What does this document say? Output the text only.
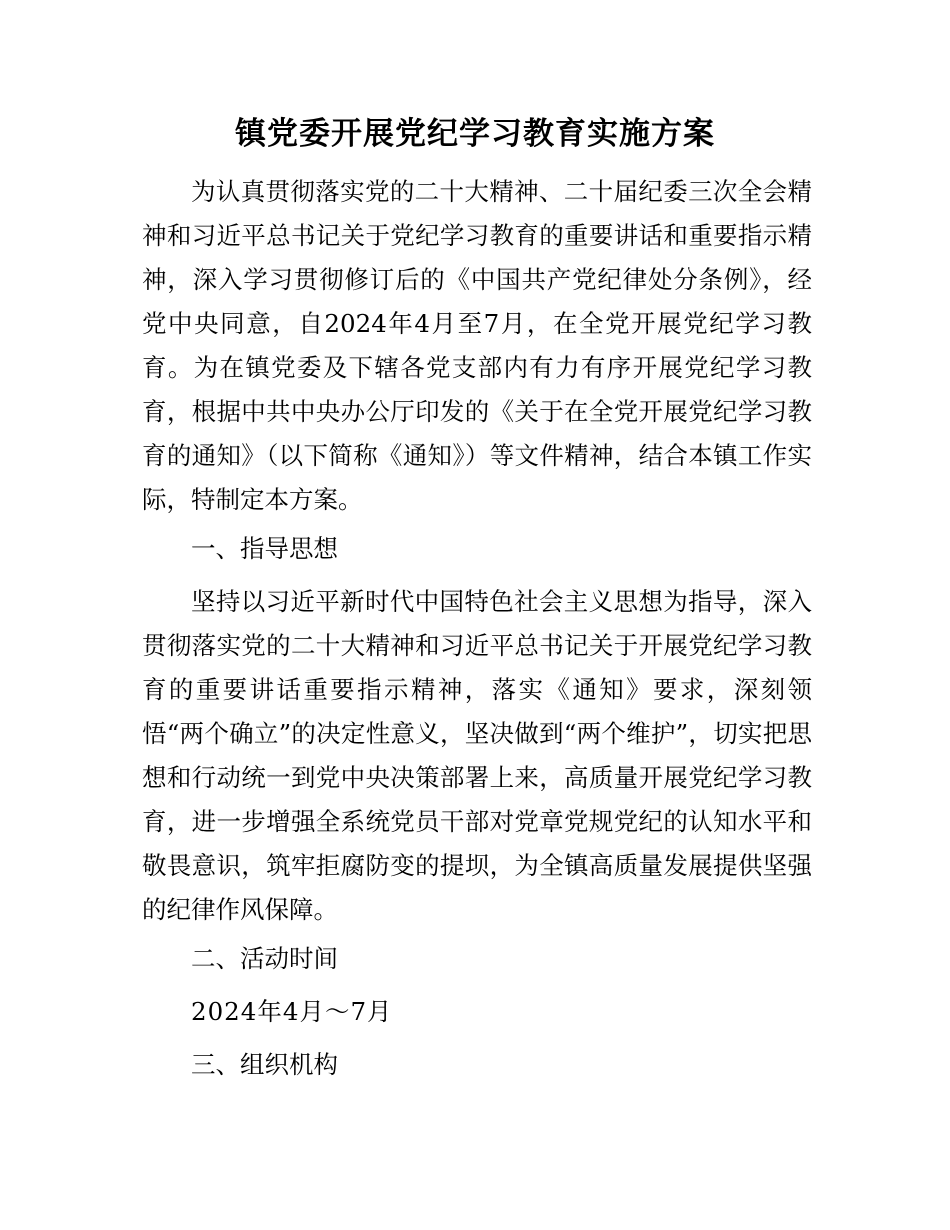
镇党委开展党纪学习教育实施方案

为认真贯彻落实党的二十大精神、二十届纪委三次全会精神和习近平总书记关于党纪学习教育的重要讲话和重要指示精神，深入学习贯彻修订后的《中国共产党纪律处分条例》，经党中央同意，自2024年4月至7月，在全党开展党纪学习教育。为在镇党委及下辖各党支部内有力有序开展党纪学习教育，根据中共中央办公厅印发的《关于在全党开展党纪学习教育的通知》（以下简称《通知》）等文件精神，结合本镇工作实际，特制定本方案。

一、指导思想

坚持以习近平新时代中国特色社会主义思想为指导，深入贯彻落实党的二十大精神和习近平总书记关于开展党纪学习教育的重要讲话重要指示精神，落实《通知》要求，深刻领悟“两个确立”的决定性意义，坚决做到“两个维护”，切实把思想和行动统一到党中央决策部署上来，高质量开展党纪学习教育，进一步增强全系统党员干部对党章党规党纪的认知水平和敬畏意识，筑牢拒腐防变的提坝，为全镇高质量发展提供坚强的纪律作风保障。

二、活动时间

2024年4月～7月

三、组织机构
